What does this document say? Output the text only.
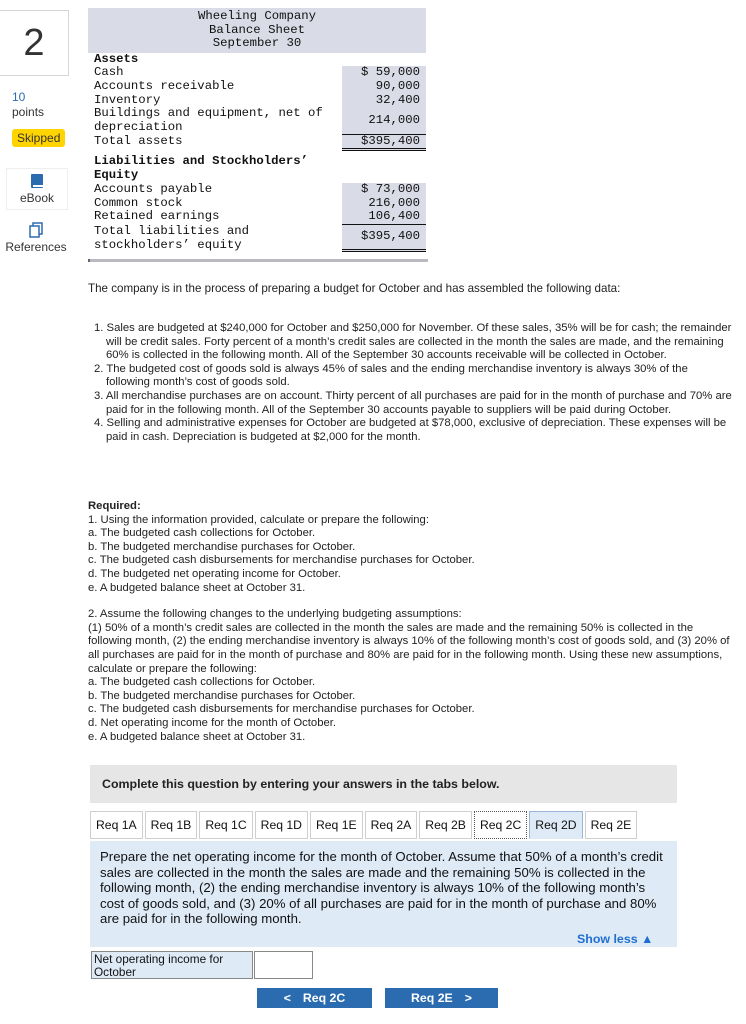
2
10
points
Skipped
eBook
References
Wheeling Company
Balance Sheet
September 30
Assets
Cash	$ 59,000
Accounts receivable	90,000
Inventory	32,400
Buildings and equipment, net of
depreciation
214,000
Total assets	$395,400
Liabilities and Stockholders’
Equity
Accounts payable	$ 73,000
Common stock	216,000
Retained earnings	106,400
Total liabilities and
stockholders’ equity
$395,400
The company is in the process of preparing a budget for October and has assembled the following data:
1. Sales are budgeted at $240,000 for October and $250,000 for November. Of these sales, 35% will be for cash; the remainder will be credit sales. Forty percent of a month’s credit sales are collected in the month the sales are made, and the remaining 60% is collected in the following month. All of the September 30 accounts receivable will be collected in October.
2. The budgeted cost of goods sold is always 45% of sales and the ending merchandise inventory is always 30% of the following month’s cost of goods sold.
3. All merchandise purchases are on account. Thirty percent of all purchases are paid for in the month of purchase and 70% are paid for in the following month. All of the September 30 accounts payable to suppliers will be paid during October.
4. Selling and administrative expenses for October are budgeted at $78,000, exclusive of depreciation. These expenses will be paid in cash. Depreciation is budgeted at $2,000 for the month.

Required:

1. Using the information provided, calculate or prepare the following:

a. The budgeted cash collections for October.

b. The budgeted merchandise purchases for October.

c. The budgeted cash disbursements for merchandise purchases for October.

d. The budgeted net operating income for October.

e. A budgeted balance sheet at October 31.

2. Assume the following changes to the underlying budgeting assumptions:

(1) 50% of a month’s credit sales are collected in the month the sales are made and the remaining 50% is collected in the following month, (2) the ending merchandise inventory is always 10% of the following month’s cost of goods sold, and (3) 20% of all purchases are paid for in the month of purchase and 80% are paid for in the following month. Using these new assumptions, calculate or prepare the following:

a. The budgeted cash collections for October.

b. The budgeted merchandise purchases for October.

c. The budgeted cash disbursements for merchandise purchases for October.

d. Net operating income for the month of October.

e. A budgeted balance sheet at October 31.

Complete this question by entering your answers in the tabs below.
Req 1A	Req 1B	Req 1C	Req 1D	Req 1E	Req 2A	Req 2B	Req 2C	Req 2D	Req 2E
Prepare the net operating income for the month of October. Assume that 50% of a month’s credit sales are collected in the month the sales are made and the remaining 50% is collected in the following month, (2) the ending merchandise inventory is always 10% of the following month’s cost of goods sold, and (3) 20% of all purchases are paid for in the month of purchase and 80% are paid for in the following month.
Show less ▲
Net operating income for October
< Req 2C	Req 2E >
